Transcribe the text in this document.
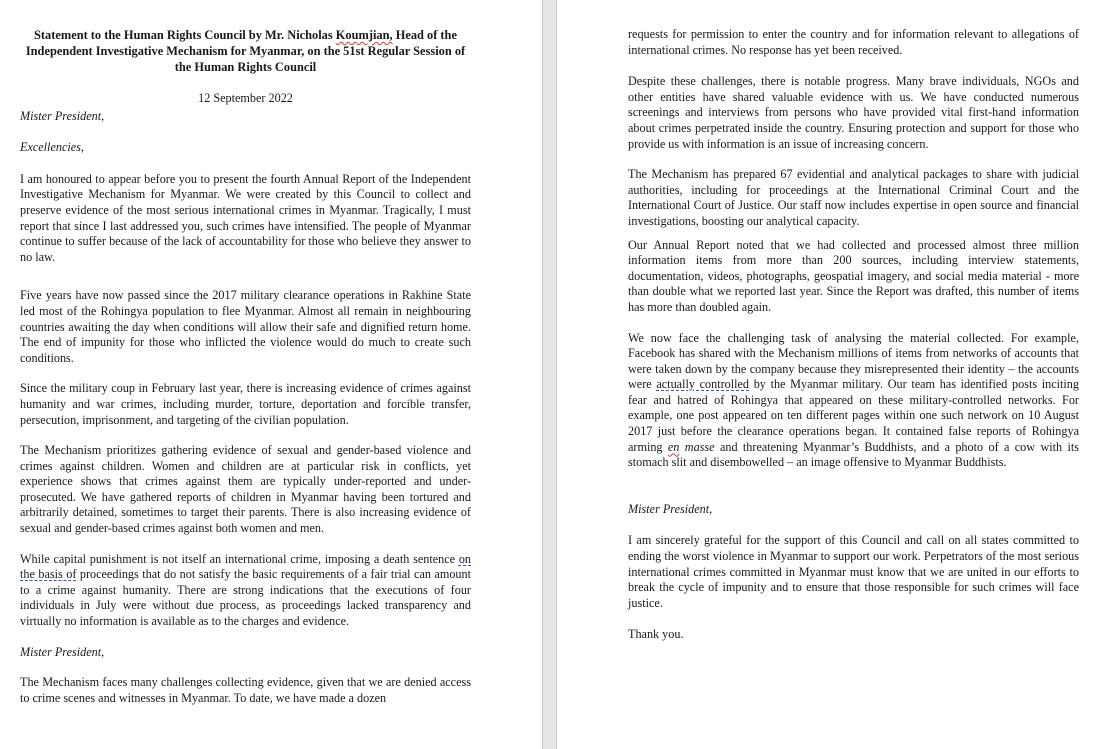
Statement to the Human Rights Council by Mr. Nicholas Koumjian, Head of the Independent Investigative Mechanism for Myanmar, on the 51st Regular Session of the Human Rights Council

12 September 2022

Mister President,

Excellencies,

I am honoured to appear before you to present the fourth Annual Report of the Independent Investigative Mechanism for Myanmar. We were created by this Council to collect and preserve evidence of the most serious international crimes in Myanmar. Tragically, I must report that since I last addressed you, such crimes have intensified. The people of Myanmar continue to suffer because of the lack of accountability for those who believe they answer to no law.

Five years have now passed since the 2017 military clearance operations in Rakhine State led most of the Rohingya population to flee Myanmar. Almost all remain in neighbouring countries awaiting the day when conditions will allow their safe and dignified return home. The end of impunity for those who inflicted the violence would do much to create such conditions.

Since the military coup in February last year, there is increasing evidence of crimes against humanity and war crimes, including murder, torture, deportation and forcible transfer, persecution, imprisonment, and targeting of the civilian population.

The Mechanism prioritizes gathering evidence of sexual and gender-based violence and crimes against children. Women and children are at particular risk in conflicts, yet experience shows that crimes against them are typically under-reported and under-prosecuted. We have gathered reports of children in Myanmar having been tortured and arbitrarily detained, sometimes to target their parents. There is also increasing evidence of sexual and gender-based crimes against both women and men.

While capital punishment is not itself an international crime, imposing a death sentence on the basis of proceedings that do not satisfy the basic requirements of a fair trial can amount to a crime against humanity. There are strong indications that the executions of four individuals in July were without due process, as proceedings lacked transparency and virtually no information is available as to the charges and evidence.

Mister President,

The Mechanism faces many challenges collecting evidence, given that we are denied access to crime scenes and witnesses in Myanmar. To date, we have made a dozen

requests for permission to enter the country and for information relevant to allegations of international crimes. No response has yet been received.

Despite these challenges, there is notable progress. Many brave individuals, NGOs and other entities have shared valuable evidence with us. We have conducted numerous screenings and interviews from persons who have provided vital first-hand information about crimes perpetrated inside the country. Ensuring protection and support for those who provide us with information is an issue of increasing concern.

The Mechanism has prepared 67 evidential and analytical packages to share with judicial authorities, including for proceedings at the International Criminal Court and the International Court of Justice. Our staff now includes expertise in open source and financial investigations, boosting our analytical capacity.

Our Annual Report noted that we had collected and processed almost three million information items from more than 200 sources, including interview statements, documentation, videos, photographs, geospatial imagery, and social media material - more than double what we reported last year. Since the Report was drafted, this number of items has more than doubled again.

We now face the challenging task of analysing the material collected. For example, Facebook has shared with the Mechanism millions of items from networks of accounts that were taken down by the company because they misrepresented their identity – the accounts were actually controlled by the Myanmar military. Our team has identified posts inciting fear and hatred of Rohingya that appeared on these military-controlled networks. For example, one post appeared on ten different pages within one such network on 10 August 2017 just before the clearance operations began. It contained false reports of Rohingya arming en masse and threatening Myanmar’s Buddhists, and a photo of a cow with its stomach slit and disembowelled – an image offensive to Myanmar Buddhists.

Mister President,

I am sincerely grateful for the support of this Council and call on all states committed to ending the worst violence in Myanmar to support our work. Perpetrators of the most serious international crimes committed in Myanmar must know that we are united in our efforts to break the cycle of impunity and to ensure that those responsible for such crimes will face justice.

Thank you.
